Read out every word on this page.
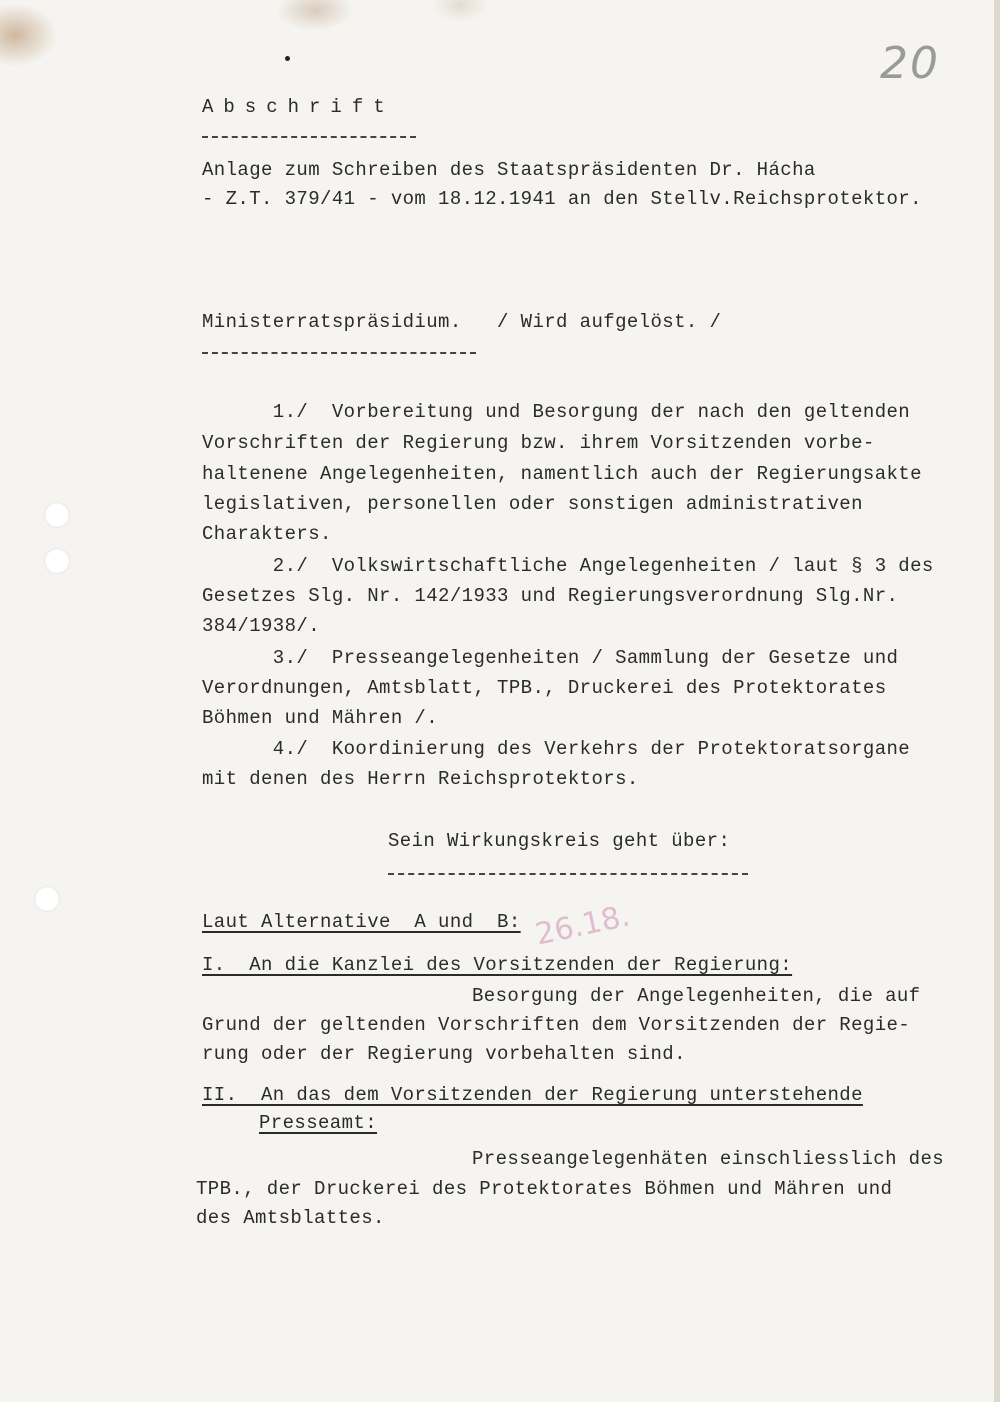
20
Abschrift
Anlage zum Schreiben des Staatspräsidenten Dr. Hácha
- Z.T. 379/41 - vom 18.12.1941 an den Stellv.Reichsprotektor.
Ministerratspräsidium.   / Wird aufgelöst. /
1./  Vorbereitung und Besorgung der nach den geltenden
Vorschriften der Regierung bzw. ihrem Vorsitzenden vorbe-
haltenene Angelegenheiten, namentlich auch der Regierungsakte
legislativen, personellen oder sonstigen administrativen
Charakters.
2./  Volkswirtschaftliche Angelegenheiten / laut § 3 des
Gesetzes Slg. Nr. 142/1933 und Regierungsverordnung Slg.Nr.
384/1938/.
3./  Presseangelegenheiten / Sammlung der Gesetze und
Verordnungen, Amtsblatt, TPB., Druckerei des Protektorates
Böhmen und Mähren /.
4./  Koordinierung des Verkehrs der Protektoratsorgane
mit denen des Herrn Reichsprotektors.
Sein Wirkungskreis geht über:
26.18.
Laut Alternative  A und  B:
I.  An die Kanzlei des Vorsitzenden der Regierung:
Besorgung der Angelegenheiten, die auf
Grund der geltenden Vorschriften dem Vorsitzenden der Regie-
rung oder der Regierung vorbehalten sind.
II.  An das dem Vorsitzenden der Regierung unterstehende
Presseamt:
Presseangelegenhäten einschliesslich des
TPB., der Druckerei des Protektorates Böhmen und Mähren und
des Amtsblattes.
